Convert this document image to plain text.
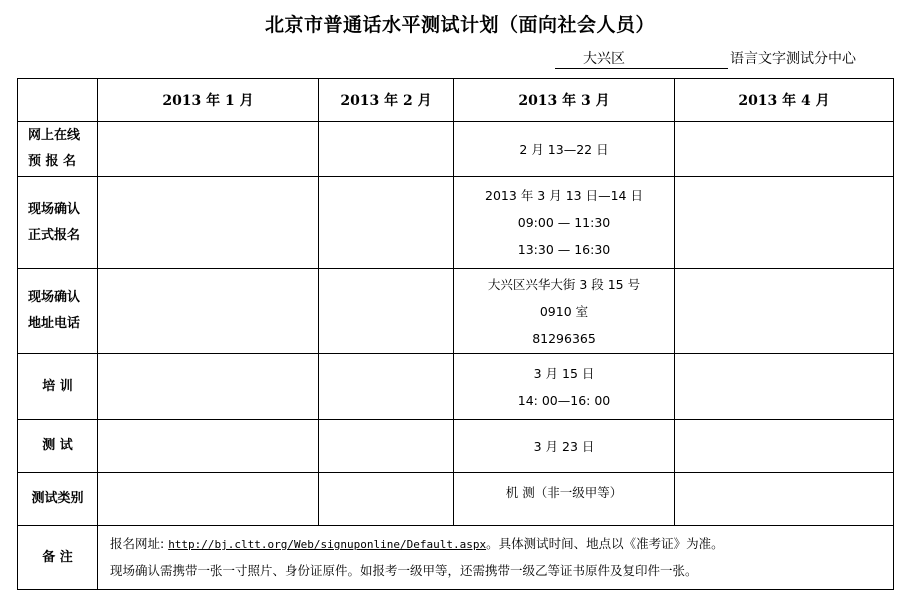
北京市普通话水平测试计划（面向社会人员）
大兴区	语言文字测试分中心
	2013 年 1 月	2013 年 2 月	2013 年 3 月	2013 年 4 月

网上在线
预 报 名			2 月 13—22 日	

现场确认
正式报名			2013 年 3 月 13 日—14 日
09:00 — 11:30
13:30 — 16:30	

现场确认
地址电话			大兴区兴华大街 3 段 15 号
0910 室
81296365	

培 训			3 月 15 日
14: 00—16: 00	

测 试			3 月 23 日	

测试类别			机 测（非一级甲等）	

备 注	报名网址: http://bj.cltt.org/Web/signuponline/Default.aspx。具体测试时间、地点以《准考证》为准。
现场确认需携带一张一寸照片、身份证原件。如报考一级甲等，还需携带一级乙等证书原件及复印件一张。			
